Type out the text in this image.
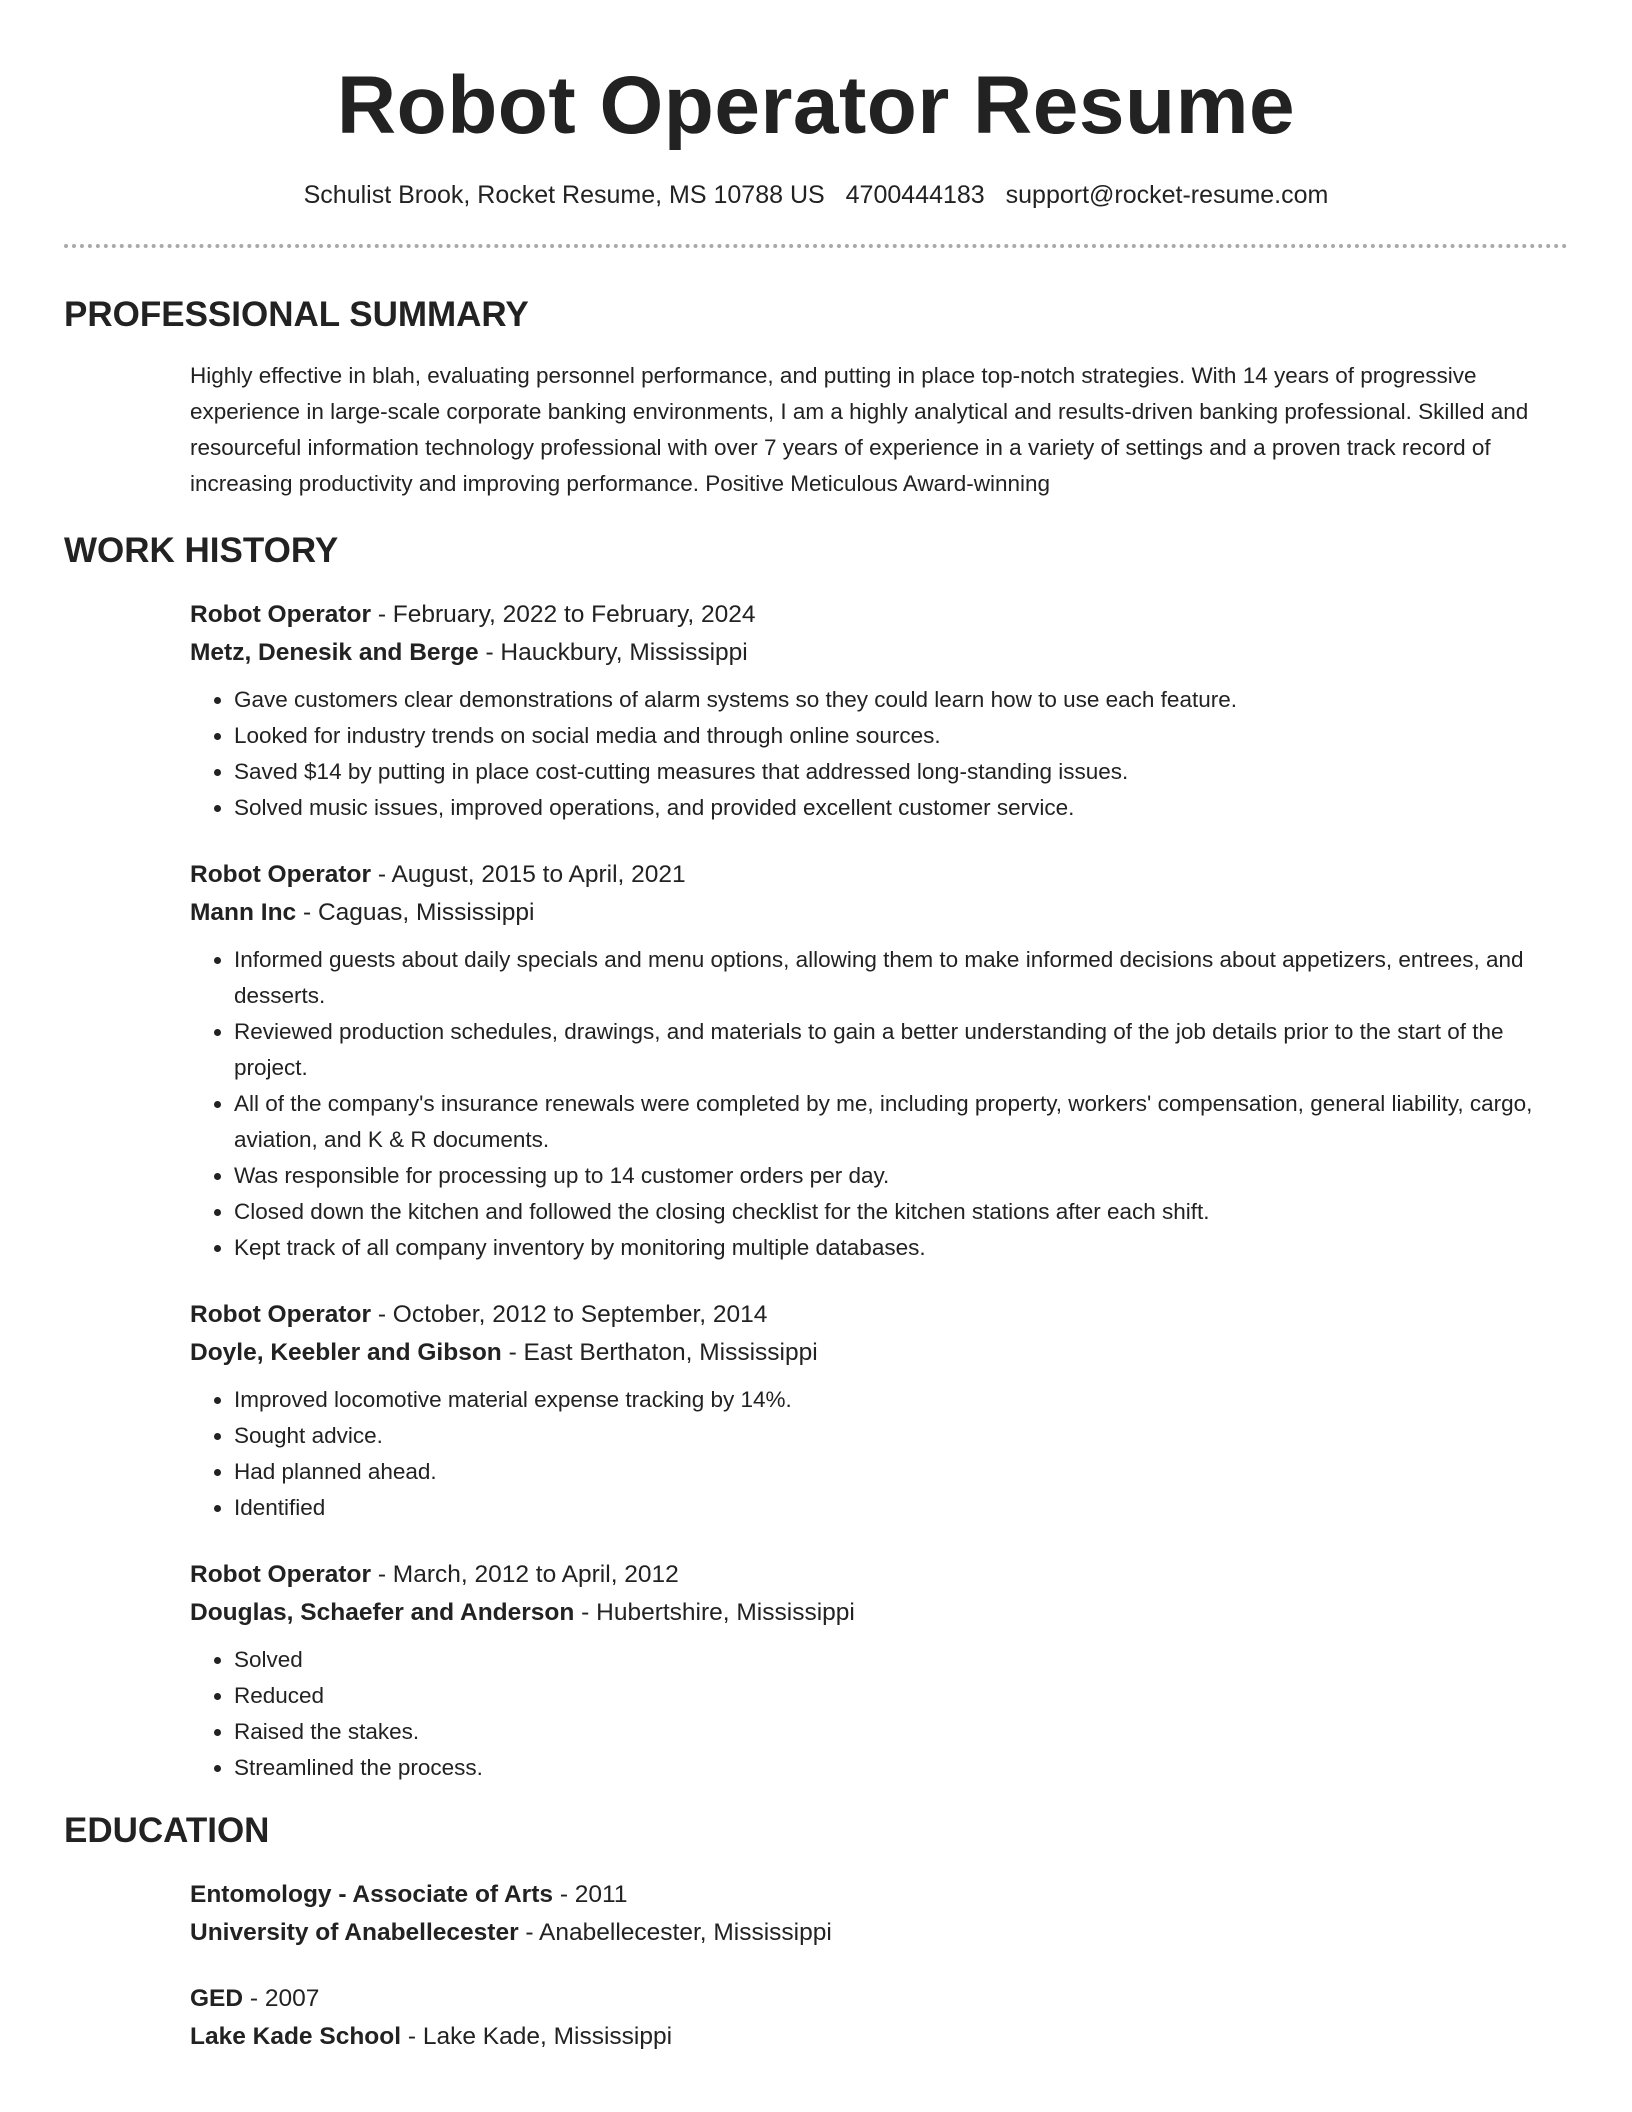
Robot Operator Resume
Schulist Brook, Rocket Resume, MS 10788 US 4700444183 support@rocket-resume.com
PROFESSIONAL SUMMARY
Highly effective in blah, evaluating personnel performance, and putting in place top-notch strategies. With 14 years of progressive experience in large-scale corporate banking environments, I am a highly analytical and results-driven banking professional. Skilled and resourceful information technology professional with over 7 years of experience in a variety of settings and a proven track record of increasing productivity and improving performance. Positive Meticulous Award-winning
WORK HISTORY
Robot Operator - February, 2022 to February, 2024
Metz, Denesik and Berge - Hauckbury, Mississippi
• Gave customers clear demonstrations of alarm systems so they could learn how to use each feature.
• Looked for industry trends on social media and through online sources.
• Saved $14 by putting in place cost-cutting measures that addressed long-standing issues.
• Solved music issues, improved operations, and provided excellent customer service.
Robot Operator - August, 2015 to April, 2021
Mann Inc - Caguas, Mississippi
• Informed guests about daily specials and menu options, allowing them to make informed decisions about appetizers, entrees, and desserts.
• Reviewed production schedules, drawings, and materials to gain a better understanding of the job details prior to the start of the project.
• All of the company's insurance renewals were completed by me, including property, workers' compensation, general liability, cargo, aviation, and K & R documents.
• Was responsible for processing up to 14 customer orders per day.
• Closed down the kitchen and followed the closing checklist for the kitchen stations after each shift.
• Kept track of all company inventory by monitoring multiple databases.
Robot Operator - October, 2012 to September, 2014
Doyle, Keebler and Gibson - East Berthaton, Mississippi
• Improved locomotive material expense tracking by 14%.
• Sought advice.
• Had planned ahead.
• Identified
Robot Operator - March, 2012 to April, 2012
Douglas, Schaefer and Anderson - Hubertshire, Mississippi
• Solved
• Reduced
• Raised the stakes.
• Streamlined the process.
EDUCATION
Entomology - Associate of Arts - 2011
University of Anabellecester - Anabellecester, Mississippi
GED - 2007
Lake Kade School - Lake Kade, Mississippi
